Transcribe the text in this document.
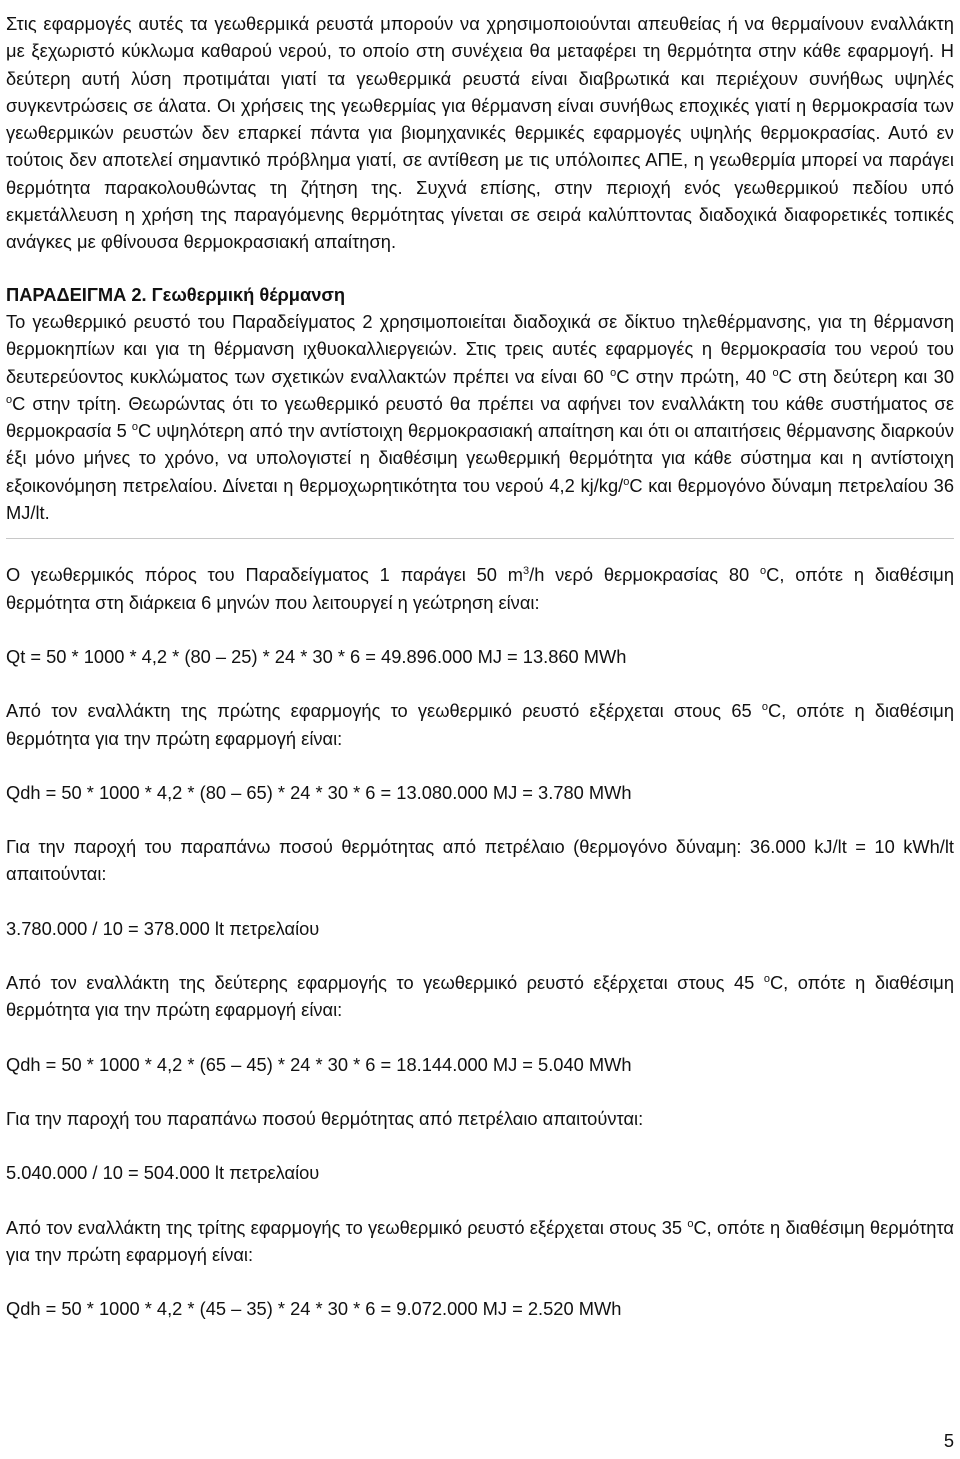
Στις εφαρμογές αυτές τα γεωθερμικά ρευστά μπορούν να χρησιμοποιούνται απευθείας ή να θερμαίνουν εναλλάκτη με ξεχωριστό κύκλωμα καθαρού νερού, το οποίο στη συνέχεια θα μεταφέρει τη θερμότητα στην κάθε εφαρμογή. Η δεύτερη αυτή λύση προτιμάται γιατί τα γεωθερμικά ρευστά είναι διαβρωτικά και περιέχουν συνήθως υψηλές συγκεντρώσεις σε άλατα. Οι χρήσεις της γεωθερμίας για θέρμανση είναι συνήθως εποχικές γιατί η θερμοκρασία των γεωθερμικών ρευστών δεν επαρκεί πάντα για βιομηχανικές θερμικές εφαρμογές υψηλής θερμοκρασίας. Αυτό εν τούτοις δεν αποτελεί σημαντικό πρόβλημα γιατί, σε αντίθεση με τις υπόλοιπες ΑΠΕ, η γεωθερμία μπορεί να παράγει θερμότητα παρακολουθώντας τη ζήτηση της. Συχνά επίσης, στην περιοχή ενός γεωθερμικού πεδίου υπό εκμετάλλευση η χρήση της παραγόμενης θερμότητας γίνεται σε σειρά καλύπτοντας διαδοχικά διαφορετικές τοπικές ανάγκες με φθίνουσα θερμοκρασιακή απαίτηση.

ΠΑΡΑΔΕΙΓΜΑ 2. Γεωθερμική θέρμανση

Το γεωθερμικό ρευστό του Παραδείγματος 2 χρησιμοποιείται διαδοχικά σε δίκτυο τηλεθέρμανσης, για τη θέρμανση θερμοκηπίων και για τη θέρμανση ιχθυοκαλλιεργειών. Στις τρεις αυτές εφαρμογές η θερμοκρασία του νερού του δευτερεύοντος κυκλώματος των σχετικών εναλλακτών πρέπει να είναι 60 $^o$C στην πρώτη, 40 $^o$C στη δεύτερη και 30 $^o$C στην τρίτη. Θεωρώντας ότι το γεωθερμικό ρευστό θα πρέπει να αφήνει τον εναλλάκτη του κάθε συστήματος σε θερμοκρασία 5 $^o$C υψηλότερη από την αντίστοιχη θερμοκρασιακή απαίτηση και ότι οι απαιτήσεις θέρμανσης διαρκούν έξι μόνο μήνες το χρόνο, να υπολογιστεί η διαθέσιμη γεωθερμική θερμότητα για κάθε σύστημα και η αντίστοιχη εξοικονόμηση πετρελαίου. Δίνεται η θερμοχωρητικότητα του νερού 4,2 kj/kg/$^o$C και θερμογόνο δύναμη πετρελαίου 36 MJ/lt.

Ο γεωθερμικός πόρος του Παραδείγματος 1 παράγει 50 $m^3/h$ νερό θερμοκρασίας 80 $^o$C, οπότε η διαθέσιμη θερμότητα στη διάρκεια 6 μηνών που λειτουργεί η γεώτρηση είναι:

Qt = 50 * 1000 * 4,2 * (80 – 25) * 24 * 30 * 6 = 49.896.000 MJ = 13.860 MWh

Από τον εναλλάκτη της πρώτης εφαρμογής το γεωθερμικό ρευστό εξέρχεται στους 65 $^o$C, οπότε η διαθέσιμη θερμότητα για την πρώτη εφαρμογή είναι:

Qdh = 50 * 1000 * 4,2 * (80 – 65) * 24 * 30 * 6 = 13.080.000 MJ = 3.780 MWh

Για την παροχή του παραπάνω ποσού θερμότητας από πετρέλαιο (θερμογόνο δύναμη: 36.000 kJ/lt = 10 kWh/lt απαιτούνται:

3.780.000 / 10 = 378.000 lt πετρελαίου

Από τον εναλλάκτη της δεύτερης εφαρμογής το γεωθερμικό ρευστό εξέρχεται στους 45 $^o$C, οπότε η διαθέσιμη θερμότητα για την πρώτη εφαρμογή είναι:

Qdh = 50 * 1000 * 4,2 * (65 – 45) * 24 * 30 * 6 = 18.144.000 MJ = 5.040 MWh

Για την παροχή του παραπάνω ποσού θερμότητας από πετρέλαιο απαιτούνται:

5.040.000 / 10 = 504.000 lt πετρελαίου

Από τον εναλλάκτη της τρίτης εφαρμογής το γεωθερμικό ρευστό εξέρχεται στους 35 $^o$C, οπότε η διαθέσιμη θερμότητα για την πρώτη εφαρμογή είναι:

Qdh = 50 * 1000 * 4,2 * (45 – 35) * 24 * 30 * 6 = 9.072.000 MJ = 2.520 MWh

5
